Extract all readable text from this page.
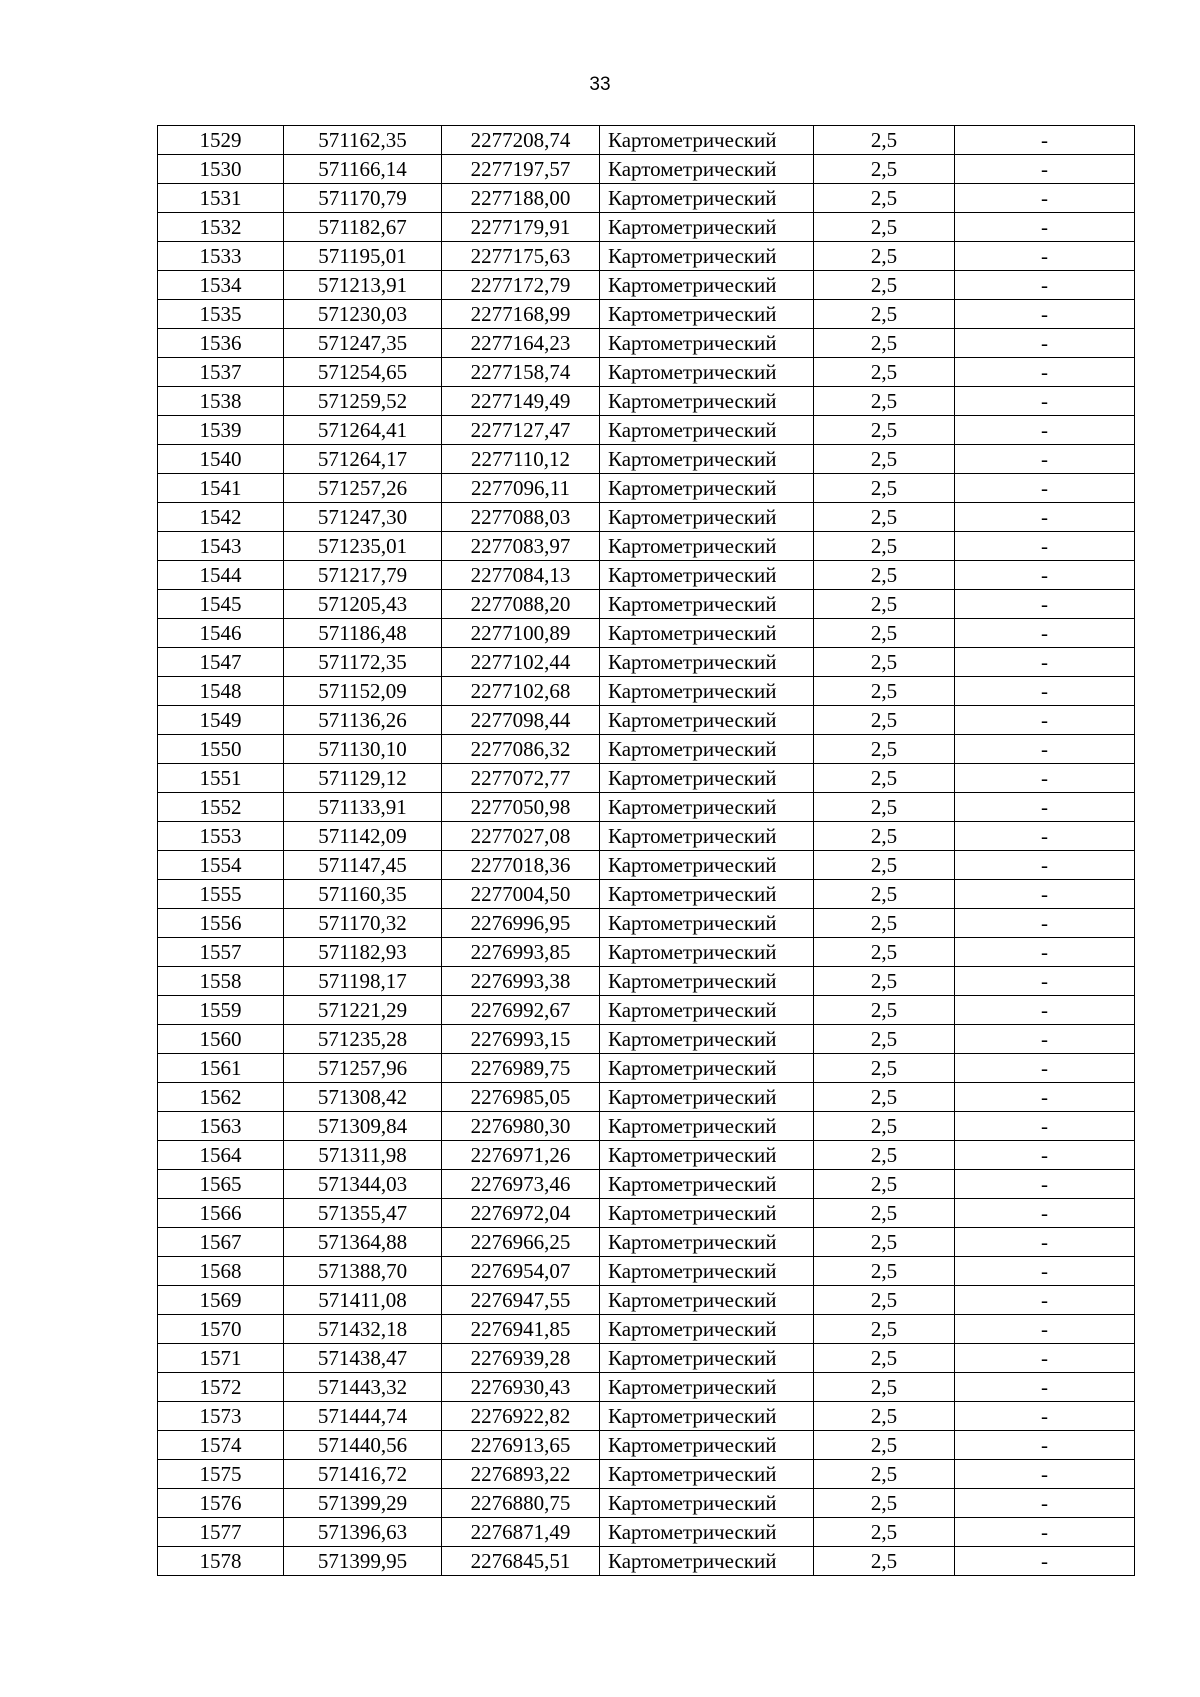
33
1529	571162,35	2277208,74	Картометрический	2,5	-
1530	571166,14	2277197,57	Картометрический	2,5	-
1531	571170,79	2277188,00	Картометрический	2,5	-
1532	571182,67	2277179,91	Картометрический	2,5	-
1533	571195,01	2277175,63	Картометрический	2,5	-
1534	571213,91	2277172,79	Картометрический	2,5	-
1535	571230,03	2277168,99	Картометрический	2,5	-
1536	571247,35	2277164,23	Картометрический	2,5	-
1537	571254,65	2277158,74	Картометрический	2,5	-
1538	571259,52	2277149,49	Картометрический	2,5	-
1539	571264,41	2277127,47	Картометрический	2,5	-
1540	571264,17	2277110,12	Картометрический	2,5	-
1541	571257,26	2277096,11	Картометрический	2,5	-
1542	571247,30	2277088,03	Картометрический	2,5	-
1543	571235,01	2277083,97	Картометрический	2,5	-
1544	571217,79	2277084,13	Картометрический	2,5	-
1545	571205,43	2277088,20	Картометрический	2,5	-
1546	571186,48	2277100,89	Картометрический	2,5	-
1547	571172,35	2277102,44	Картометрический	2,5	-
1548	571152,09	2277102,68	Картометрический	2,5	-
1549	571136,26	2277098,44	Картометрический	2,5	-
1550	571130,10	2277086,32	Картометрический	2,5	-
1551	571129,12	2277072,77	Картометрический	2,5	-
1552	571133,91	2277050,98	Картометрический	2,5	-
1553	571142,09	2277027,08	Картометрический	2,5	-
1554	571147,45	2277018,36	Картометрический	2,5	-
1555	571160,35	2277004,50	Картометрический	2,5	-
1556	571170,32	2276996,95	Картометрический	2,5	-
1557	571182,93	2276993,85	Картометрический	2,5	-
1558	571198,17	2276993,38	Картометрический	2,5	-
1559	571221,29	2276992,67	Картометрический	2,5	-
1560	571235,28	2276993,15	Картометрический	2,5	-
1561	571257,96	2276989,75	Картометрический	2,5	-
1562	571308,42	2276985,05	Картометрический	2,5	-
1563	571309,84	2276980,30	Картометрический	2,5	-
1564	571311,98	2276971,26	Картометрический	2,5	-
1565	571344,03	2276973,46	Картометрический	2,5	-
1566	571355,47	2276972,04	Картометрический	2,5	-
1567	571364,88	2276966,25	Картометрический	2,5	-
1568	571388,70	2276954,07	Картометрический	2,5	-
1569	571411,08	2276947,55	Картометрический	2,5	-
1570	571432,18	2276941,85	Картометрический	2,5	-
1571	571438,47	2276939,28	Картометрический	2,5	-
1572	571443,32	2276930,43	Картометрический	2,5	-
1573	571444,74	2276922,82	Картометрический	2,5	-
1574	571440,56	2276913,65	Картометрический	2,5	-
1575	571416,72	2276893,22	Картометрический	2,5	-
1576	571399,29	2276880,75	Картометрический	2,5	-
1577	571396,63	2276871,49	Картометрический	2,5	-
1578	571399,95	2276845,51	Картометрический	2,5	-
